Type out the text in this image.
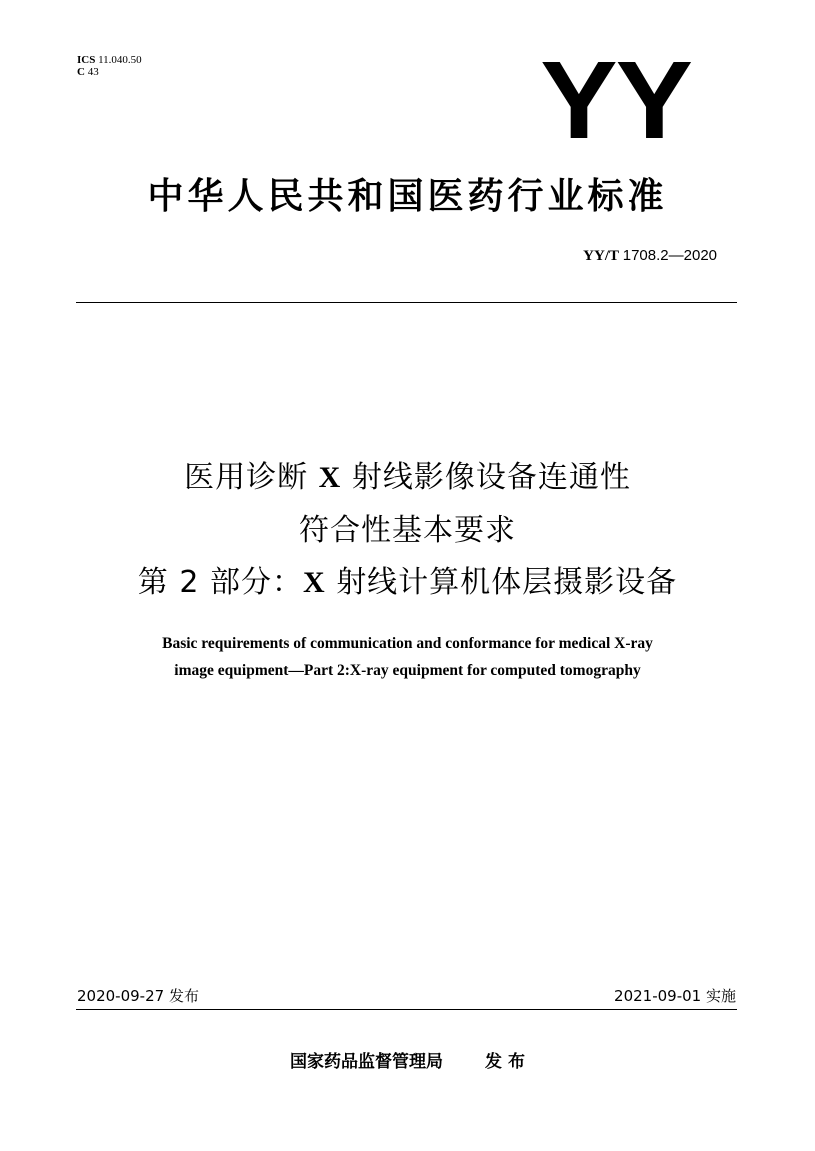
ICS 11.040.50
C 43	YY
中华人民共和国医药行业标准
YY/T 1708.2—2020
医用诊断 X 射线影像设备连通性
符合性基本要求
第 2 部分：X 射线计算机体层摄影设备
Basic requirements of communication and conformance for medical X-ray
image equipment—Part 2:X-ray equipment for computed tomography
2020-09-27 发布	2021-09-01 实施
国家药品监督管理局 发 布
